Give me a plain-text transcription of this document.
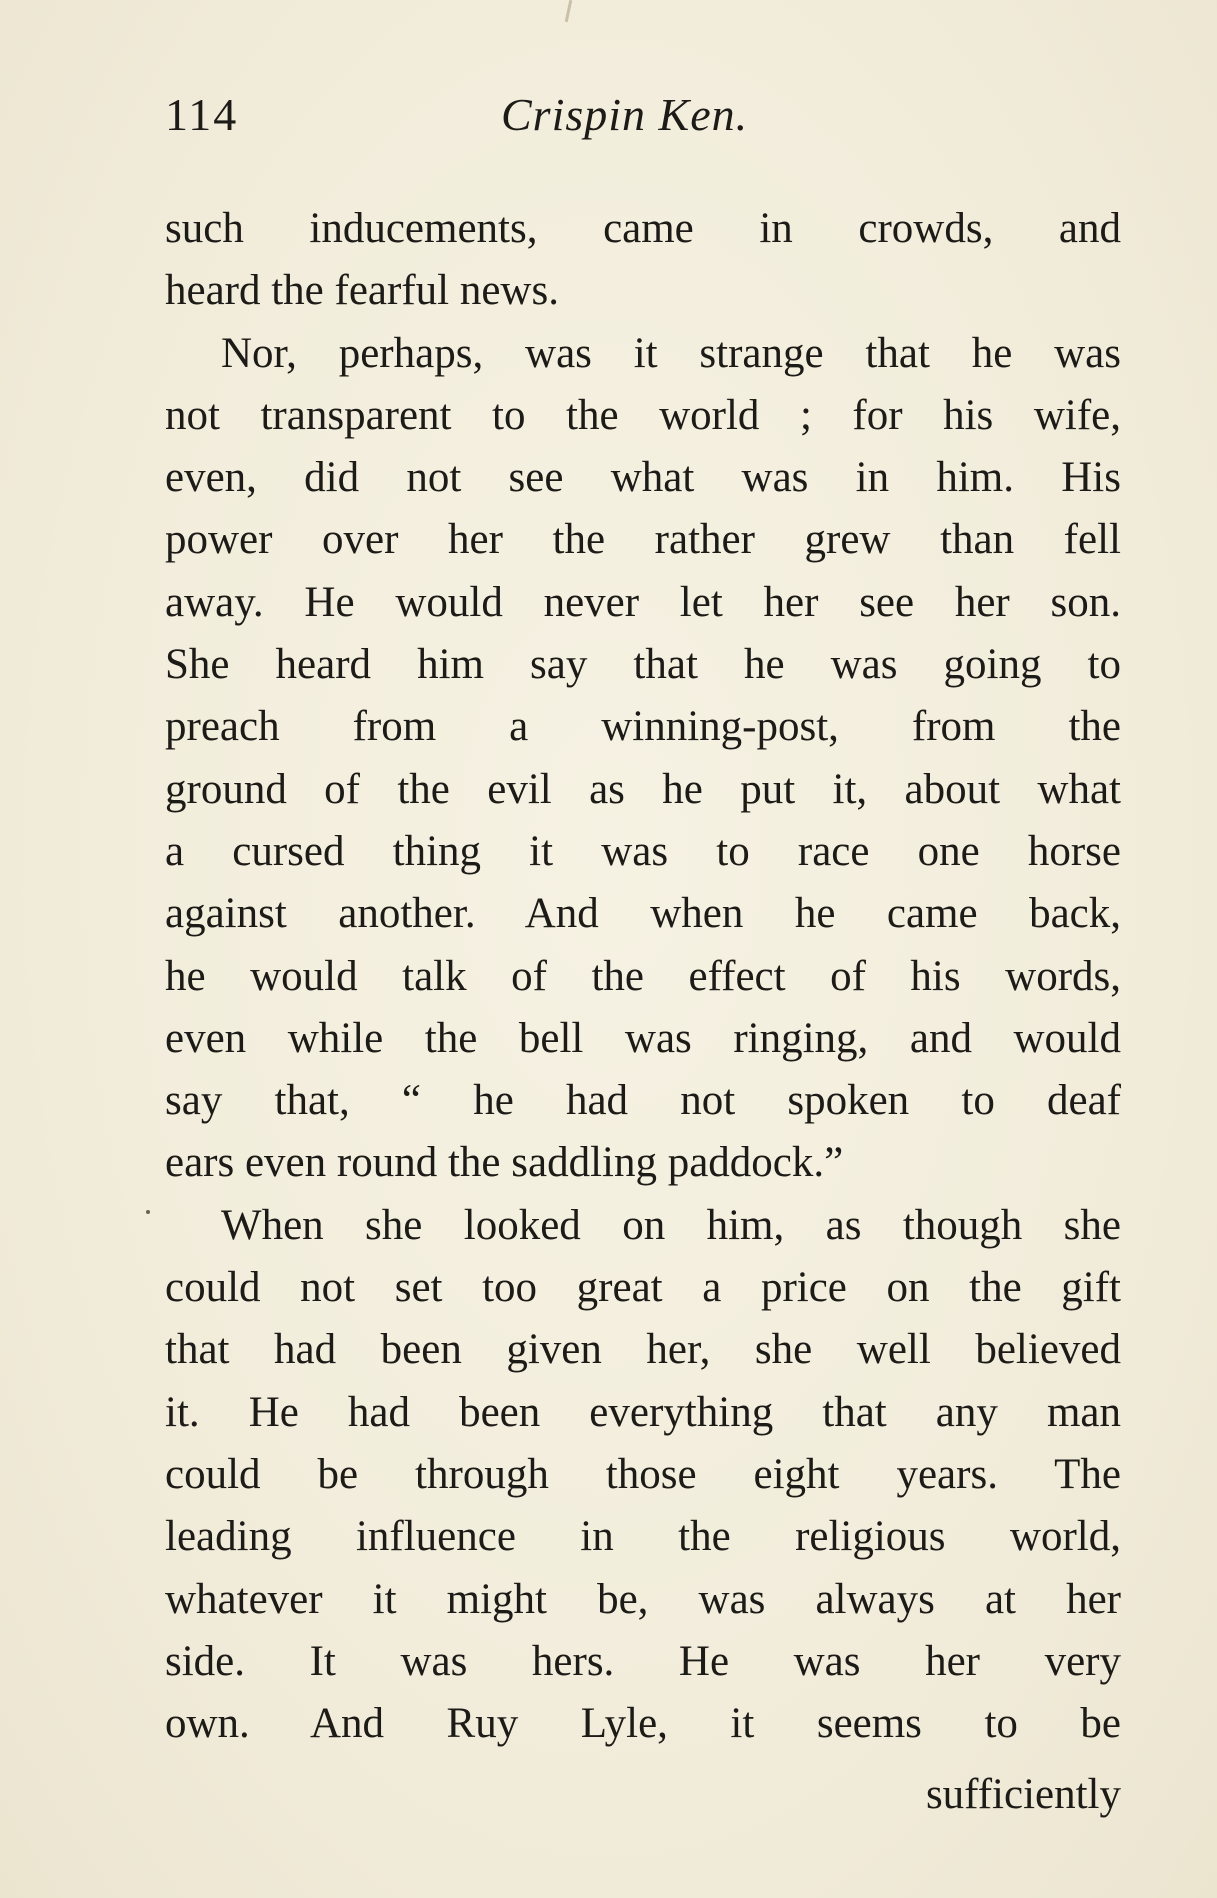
114	Crispin Ken.
such inducements, came in crowds, and
heard the fearful news.
Nor, perhaps, was it strange that he was
not transparent to the world ; for his wife,
even, did not see what was in him. His
power over her the rather grew than fell
away. He would never let her see her son.
She heard him say that he was going to
preach from a winning-post, from the
ground of the evil as he put it, about what
a cursed thing it was to race one horse
against another. And when he came back,
he would talk of the effect of his words,
even while the bell was ringing, and would
say that, “ he had not spoken to deaf
ears even round the saddling paddock.”
When she looked on him, as though she
could not set too great a price on the gift
that had been given her, she well believed
it. He had been everything that any man
could be through those eight years. The
leading influence in the religious world,
whatever it might be, was always at her
side. It was hers. He was her very
own. And Ruy Lyle, it seems to be
sufficiently
